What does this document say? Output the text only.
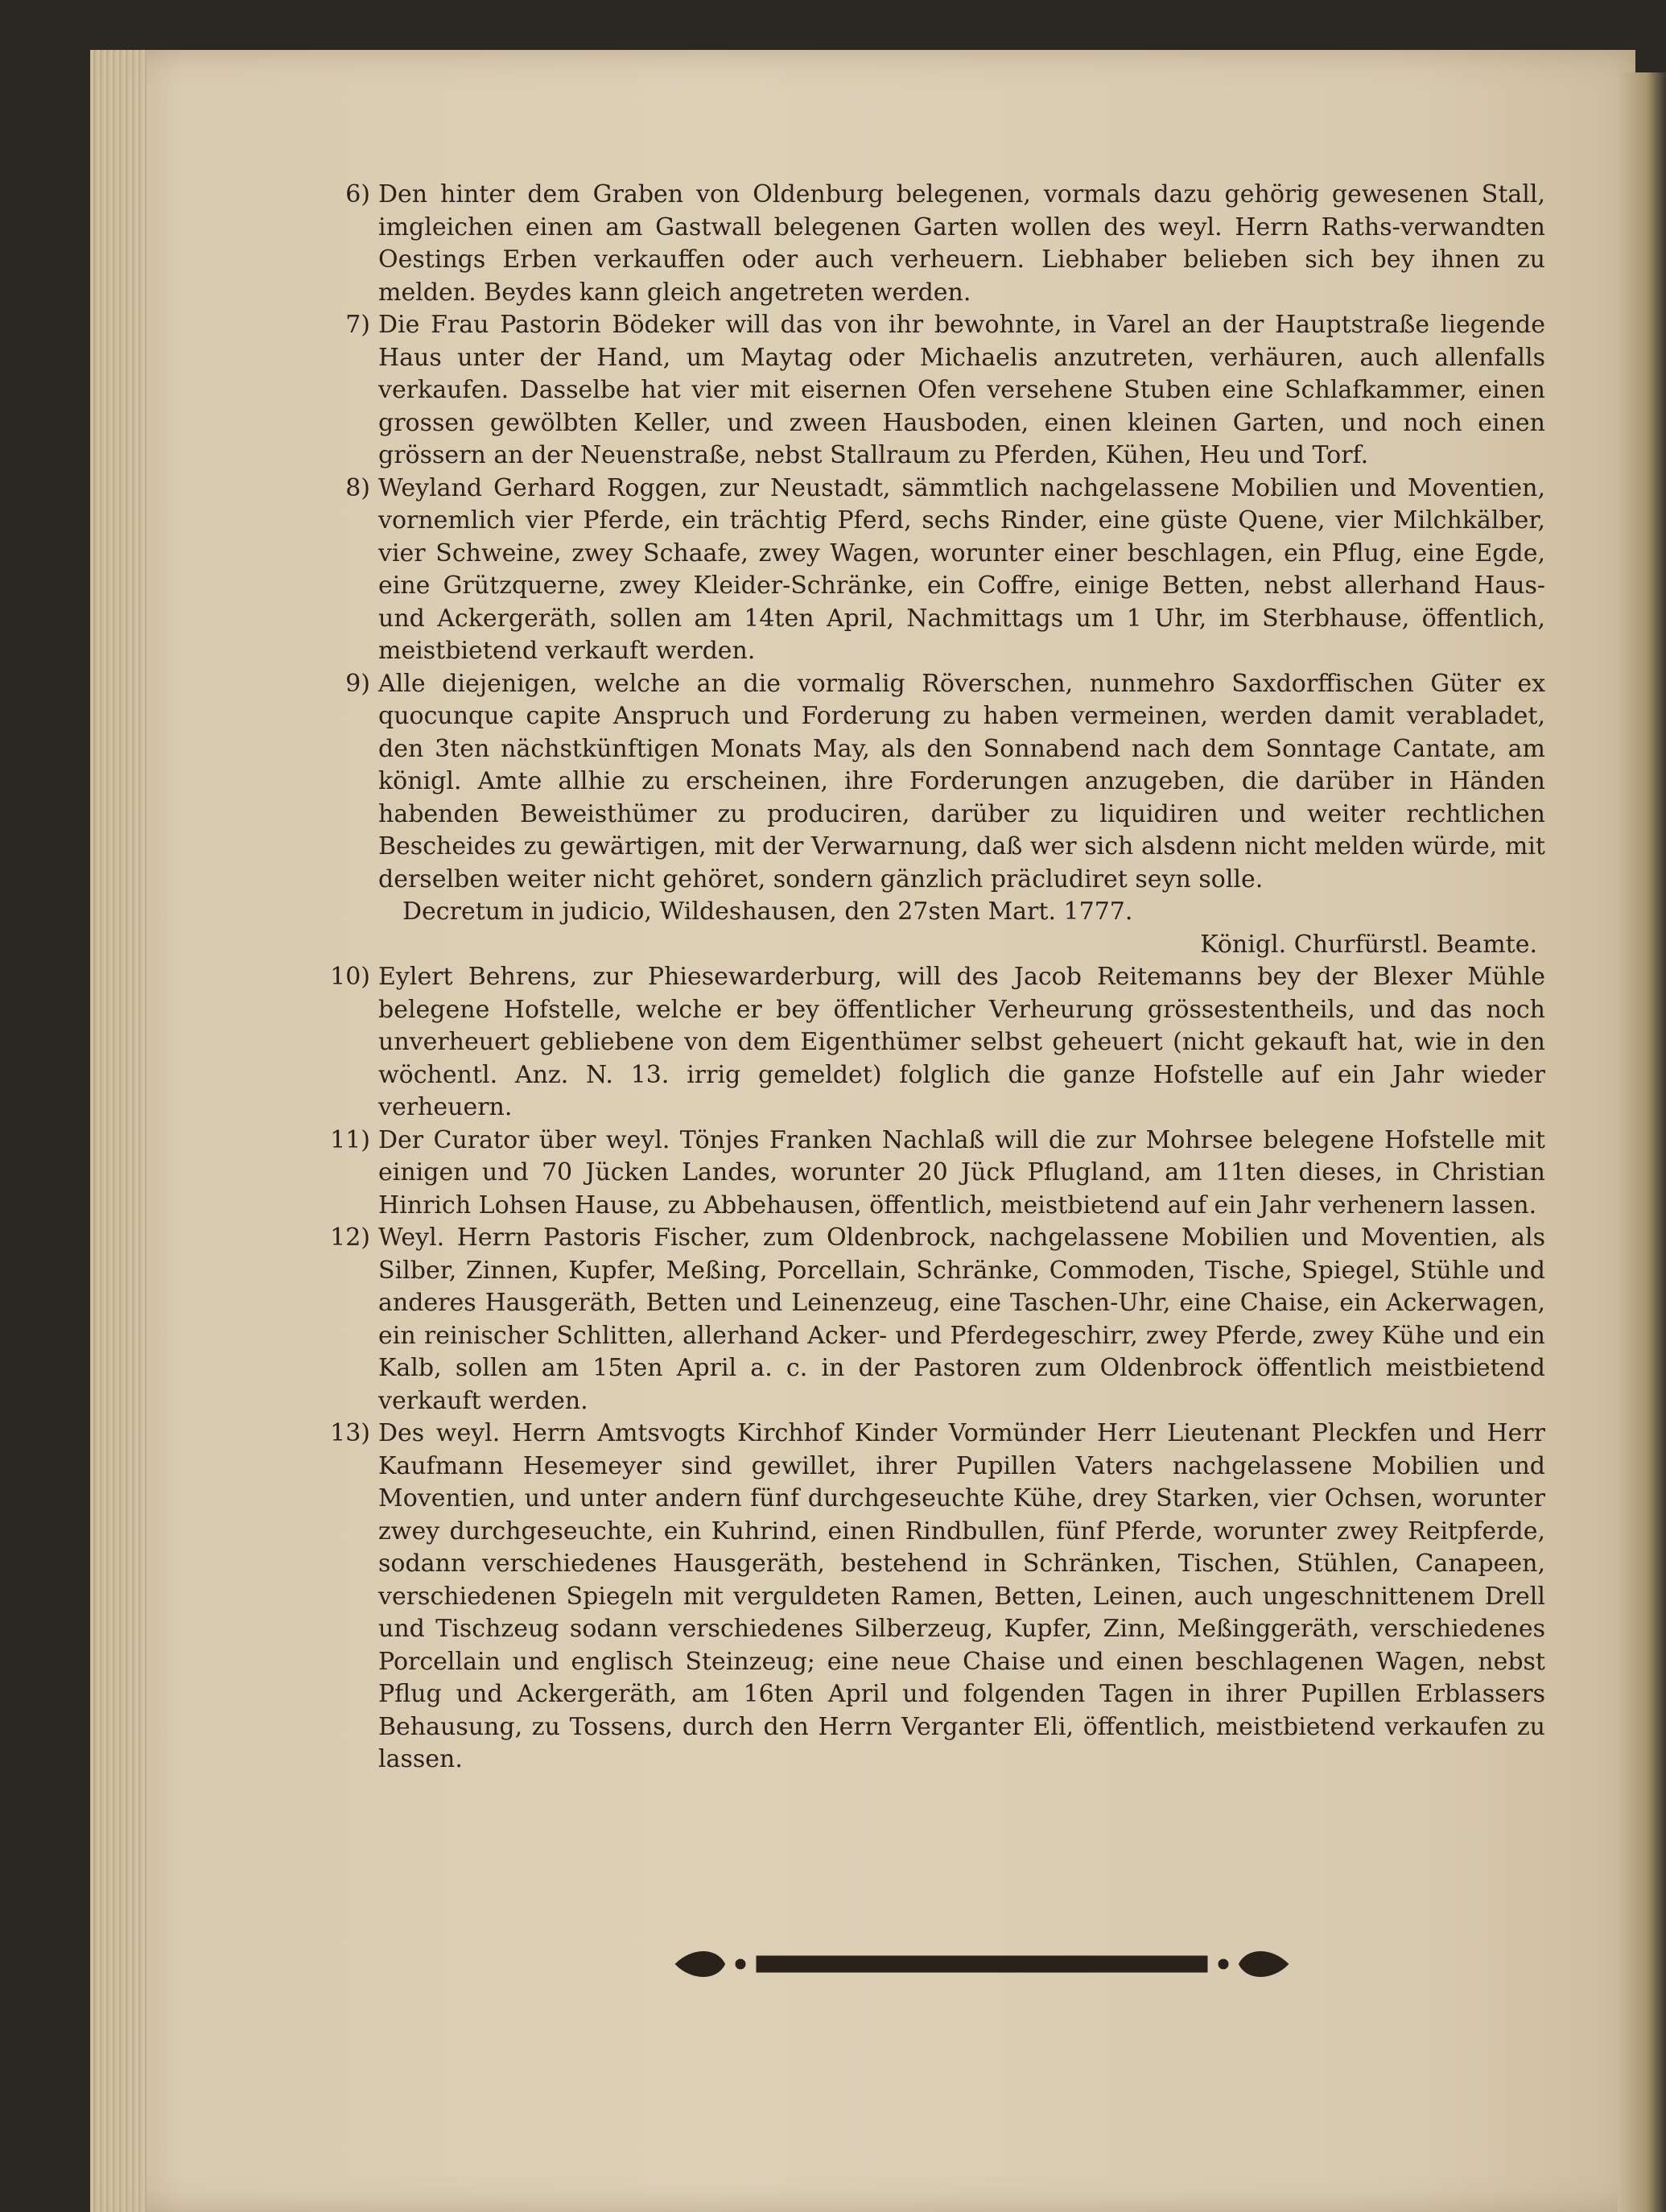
6) Den hinter dem Graben von Oldenburg belegenen, vormals dazu gehörig gewesenen Stall, imgleichen einen am Gastwall belegenen Garten wollen des weyl. Herrn Raths-verwandten Oestings Erben verkauffen oder auch verheuern. Liebhaber belieben sich bey ihnen zu melden. Beydes kann gleich angetreten werden.
7) Die Frau Pastorin Bödeker will das von ihr bewohnte, in Varel an der Hauptstraße liegende Haus unter der Hand, um Maytag oder Michaelis anzutreten, verhäuren, auch allenfalls verkaufen. Dasselbe hat vier mit eisernen Ofen versehene Stuben eine Schlafkammer, einen grossen gewölbten Keller, und zween Hausboden, einen kleinen Garten, und noch einen grössern an der Neuenstraße, nebst Stallraum zu Pferden, Kühen, Heu und Torf.
8) Weyland Gerhard Roggen, zur Neustadt, sämmtlich nachgelassene Mobilien und Moventien, vornemlich vier Pferde, ein trächtig Pferd, sechs Rinder, eine güste Quene, vier Milchkälber, vier Schweine, zwey Schaafe, zwey Wagen, worunter einer beschlagen, ein Pflug, eine Egde, eine Grützquerne, zwey Kleider-Schränke, ein Coffre, einige Betten, nebst allerhand Haus- und Ackergeräth, sollen am 14ten April, Nachmittags um 1 Uhr, im Sterbhause, öffentlich, meistbietend verkauft werden.
9) Alle diejenigen, welche an die vormalig Röverschen, nunmehro Saxdorffischen Güter ex quocunque capite Anspruch und Forderung zu haben vermeinen, werden damit verabladet, den 3ten nächstkünftigen Monats May, als den Sonnabend nach dem Sonntage Cantate, am königl. Amte allhie zu erscheinen, ihre Forderungen anzugeben, die darüber in Händen habenden Beweisthümer zu produciren, darüber zu liquidiren und weiter rechtlichen Bescheides zu gewärtigen, mit der Verwarnung, daß wer sich alsdenn nicht melden würde, mit derselben weiter nicht gehöret, sondern gänzlich präcludiret seyn solle.
Decretum in judicio, Wildeshausen, den 27sten Mart. 1777.
Königl. Churfürstl. Beamte.
10) Eylert Behrens, zur Phiesewarderburg, will des Jacob Reitemanns bey der Blexer Mühle belegene Hofstelle, welche er bey öffentlicher Verheurung grössestentheils, und das noch unverheuert gebliebene von dem Eigenthümer selbst geheuert (nicht gekauft hat, wie in den wöchentl. Anz. N. 13. irrig gemeldet) folglich die ganze Hofstelle auf ein Jahr wieder verheuern.
11) Der Curator über weyl. Tönjes Franken Nachlaß will die zur Mohrsee belegene Hofstelle mit einigen und 70 Jücken Landes, worunter 20 Jück Pflugland, am 11ten dieses, in Christian Hinrich Lohsen Hause, zu Abbehausen, öffentlich, meistbietend auf ein Jahr verhenern lassen.
12) Weyl. Herrn Pastoris Fischer, zum Oldenbrock, nachgelassene Mobilien und Moventien, als Silber, Zinnen, Kupfer, Meßing, Porcellain, Schränke, Commoden, Tische, Spiegel, Stühle und anderes Hausgeräth, Betten und Leinenzeug, eine Taschen-Uhr, eine Chaise, ein Ackerwagen, ein reinischer Schlitten, allerhand Acker- und Pferdegeschirr, zwey Pferde, zwey Kühe und ein Kalb, sollen am 15ten April a. c. in der Pastoren zum Oldenbrock öffentlich meistbietend verkauft werden.
13) Des weyl. Herrn Amtsvogts Kirchhof Kinder Vormünder Herr Lieutenant Pleckfen und Herr Kaufmann Hesemeyer sind gewillet, ihrer Pupillen Vaters nachgelassene Mobilien und Moventien, und unter andern fünf durchgeseuchte Kühe, drey Starken, vier Ochsen, worunter zwey durchgeseuchte, ein Kuhrind, einen Rindbullen, fünf Pferde, worunter zwey Reitpferde, sodann verschiedenes Hausgeräth, bestehend in Schränken, Tischen, Stühlen, Canapeen, verschiedenen Spiegeln mit verguldeten Ramen, Betten, Leinen, auch ungeschnittenem Drell und Tischzeug sodann verschiedenes Silberzeug, Kupfer, Zinn, Meßinggeräth, verschiedenes Porcellain und englisch Steinzeug; eine neue Chaise und einen beschlagenen Wagen, nebst Pflug und Ackergeräth, am 16ten April und folgenden Tagen in ihrer Pupillen Erblassers Behausung, zu Tossens, durch den Herrn Verganter Eli, öffentlich, meistbietend verkaufen zu lassen.
